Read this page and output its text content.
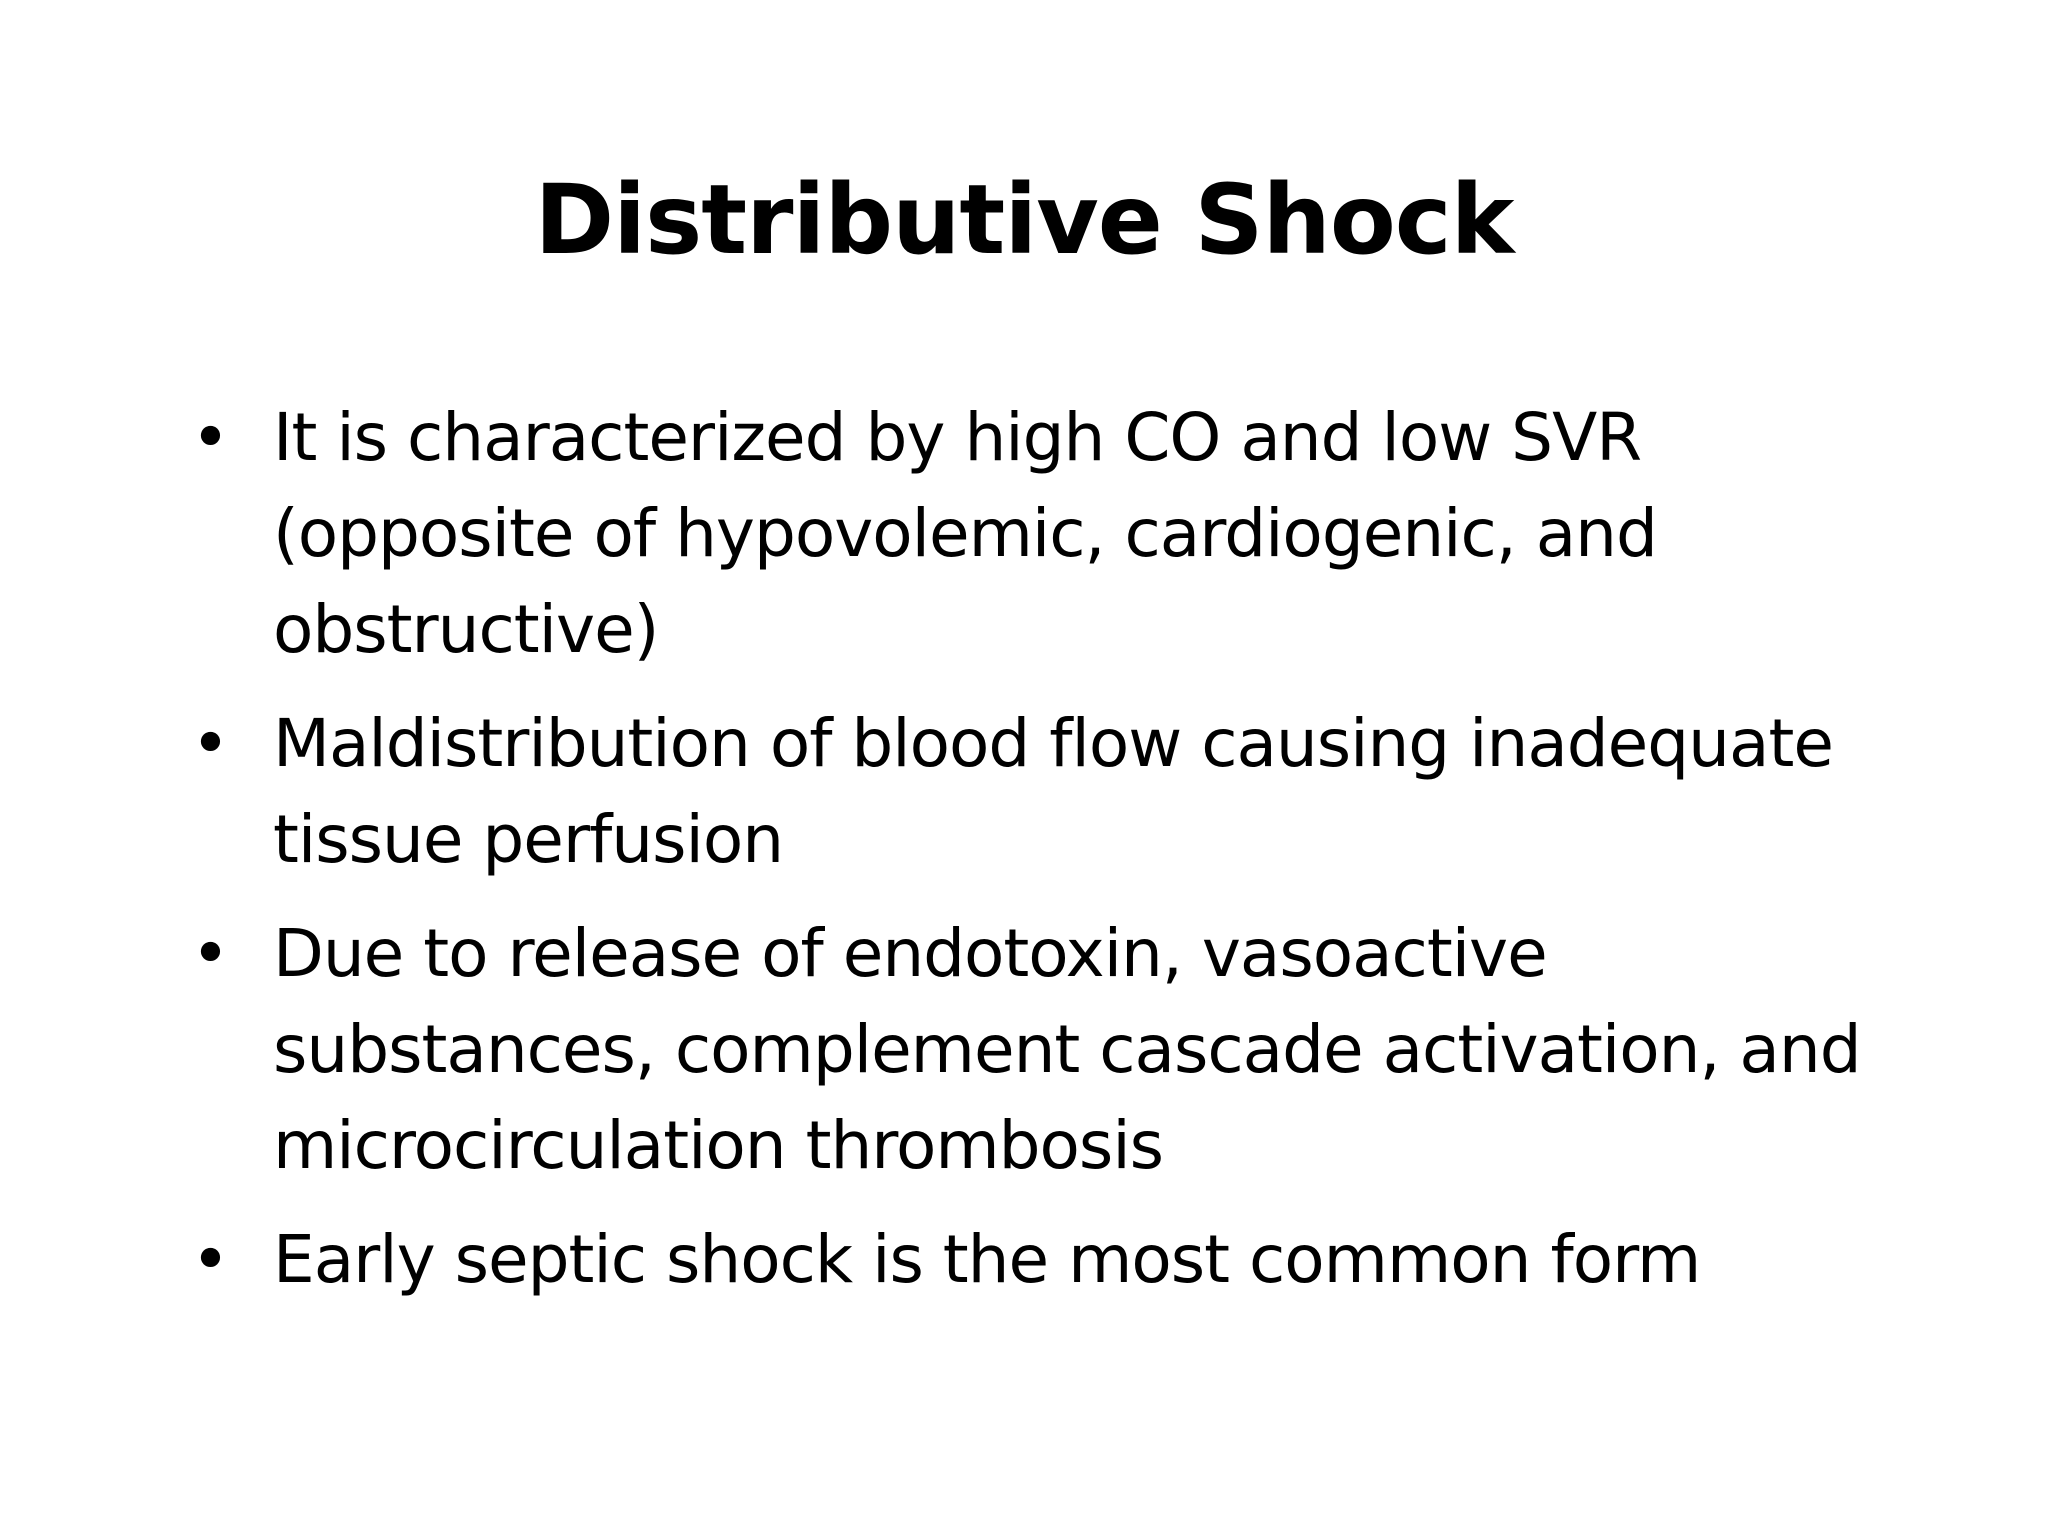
Distributive Shock
• It is characterized by high CO and low SVR (opposite of hypovolemic, cardiogenic, and obstructive)
• Maldistribution of blood flow causing inadequate tissue perfusion
• Due to release of endotoxin, vasoactive substances, complement cascade activation, and microcirculation thrombosis
• Early septic shock is the most common form
